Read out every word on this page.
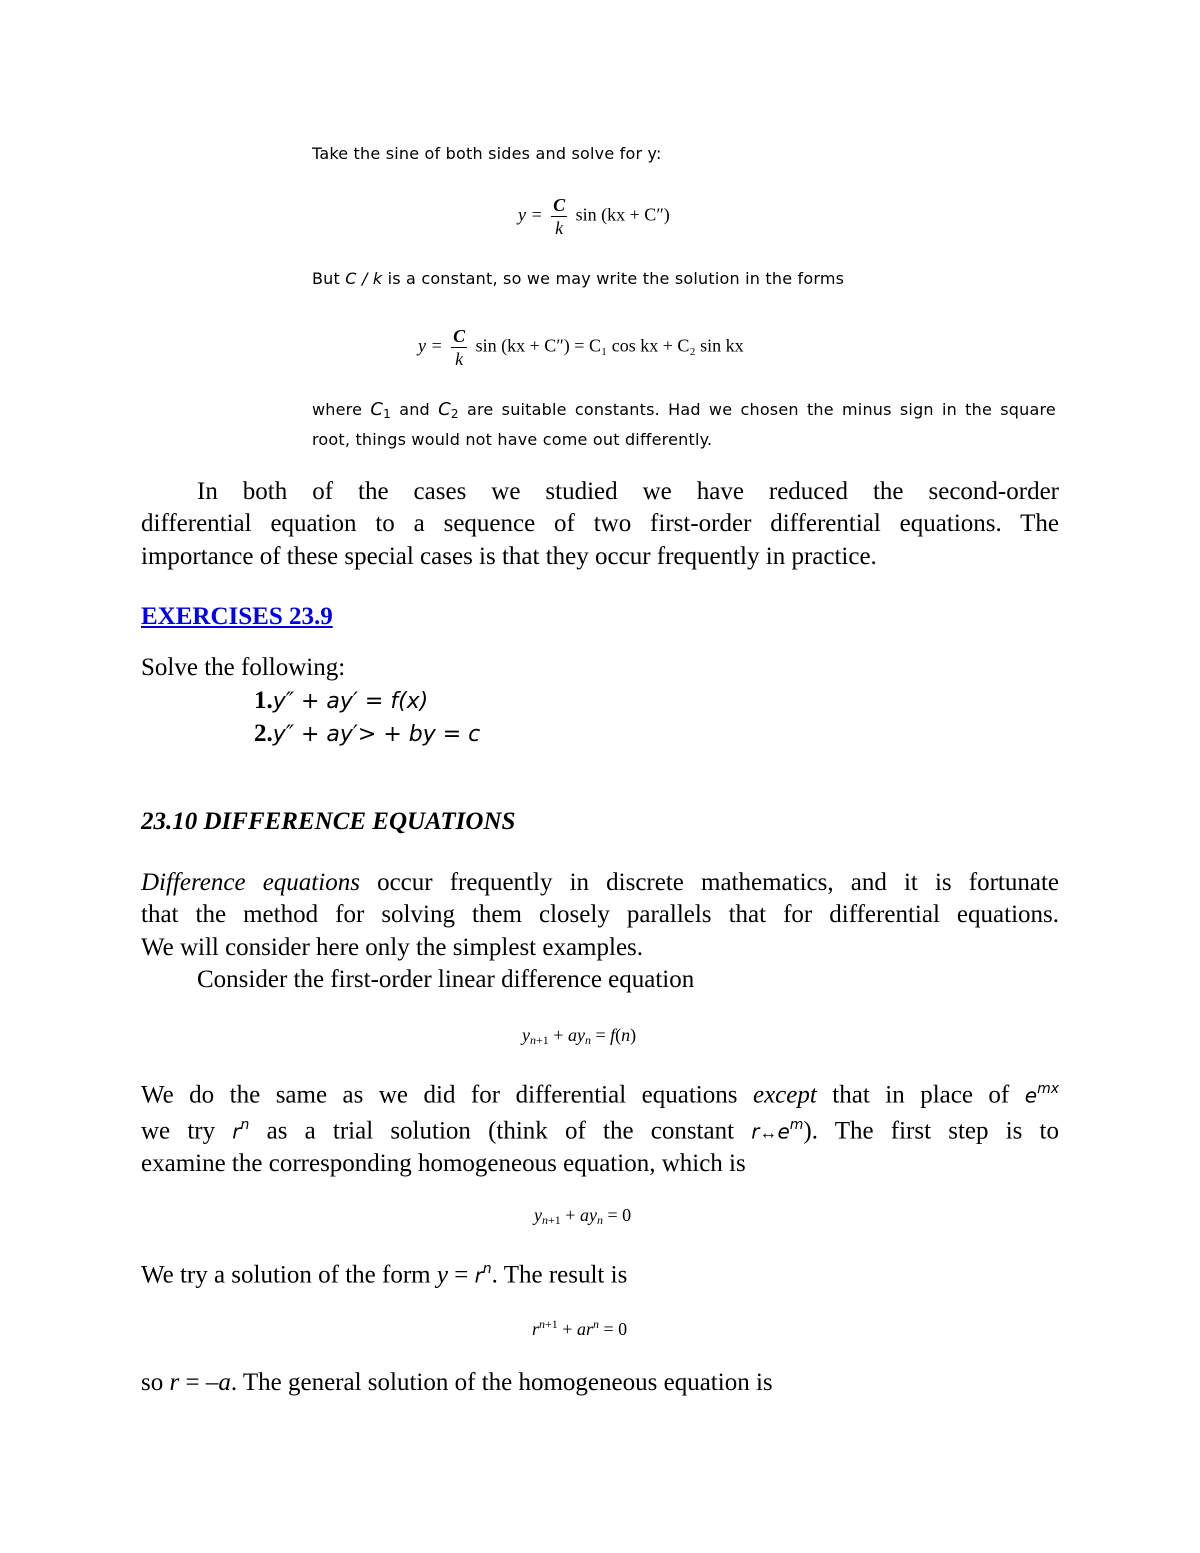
Take the sine of both sides and solve for y:
$y = \frac{C}{k}$ sin (kx + C″)
But C / k is a constant, so we may write the solution in the forms
$y = \frac{C}{k}$ sin (kx + C″) = C₁ cos kx + C₂ sin kx
where $C_1$ and $C_2$ are suitable constants. Had we chosen the minus sign in the square
root, things would not have come out differently.
In both of the cases we studied we have reduced the second-order
differential equation to a sequence of two first-order differential equations. The
importance of these special cases is that they occur frequently in practice.
EXERCISES 23.9
Solve the following:
1.y″ + ay′ = f(x)
2.y″ + ay′> + by = c
23.10 DIFFERENCE EQUATIONS
Difference equations occur frequently in discrete mathematics, and it is fortunate
that the method for solving them closely parallels that for differential equations.
We will consider here only the simplest examples.
Consider the first-order linear difference equation
$y_{n+1} + ay_n = f(n)$
We do the same as we did for differential equations except that in place of $e^{mx}$
we try $r^n$ as a trial solution (think of the constant $r\leftrightarrow e^m$). The first step is to
examine the corresponding homogeneous equation, which is
$y_{n+1} + ay_n = 0$
We try a solution of the form $y = r^n$. The result is
$r^{n+1} + ar^n = 0$
so r = –a. The general solution of the homogeneous equation is
